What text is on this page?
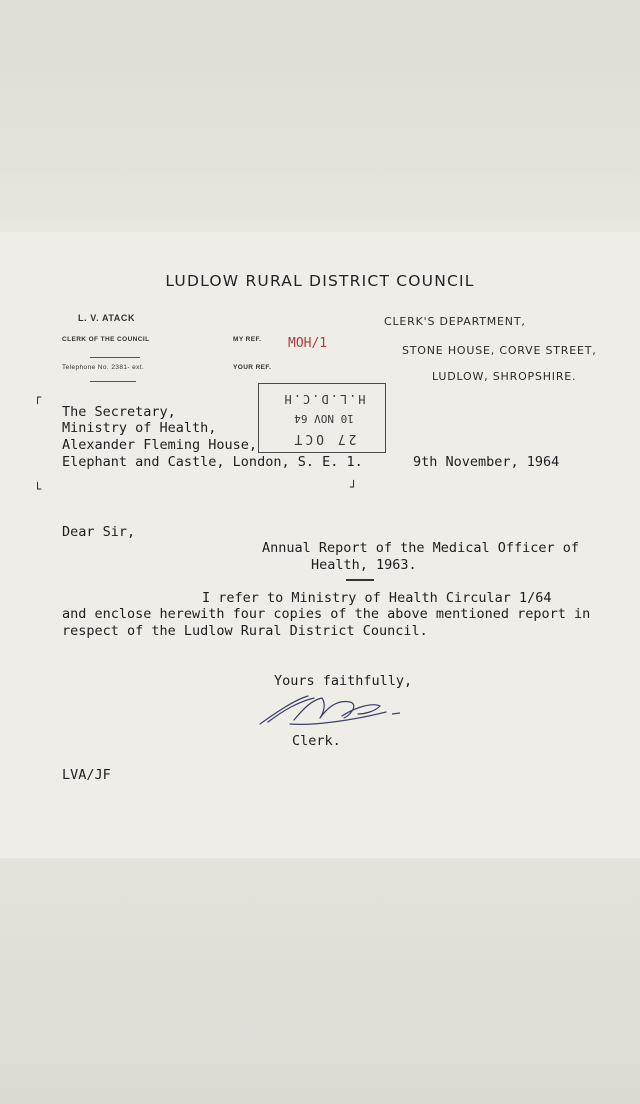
LUDLOW RURAL DISTRICT COUNCIL
L. V. ATACK
CLERK OF THE COUNCIL
Telephone No. 2381- ext.
MY REF. MOH/1
YOUR REF.
CLERK'S DEPARTMENT,
STONE HOUSE, CORVE STREET,
LUDLOW, SHROPSHIRE.
27 OCT
10 NOV 64
H.L.D.C.H
┌
└	┘
The Secretary,
Ministry of Health,
Alexander Fleming House,
Elephant and Castle, London, S. E. 1.	9th November, 1964
Dear Sir,
Annual Report of the Medical Officer of
Health, 1963.
I refer to Ministry of Health Circular 1/64
and enclose herewith four copies of the above mentioned report in
respect of the Ludlow Rural District Council.
Yours faithfully,
Clerk.
LVA/JF
